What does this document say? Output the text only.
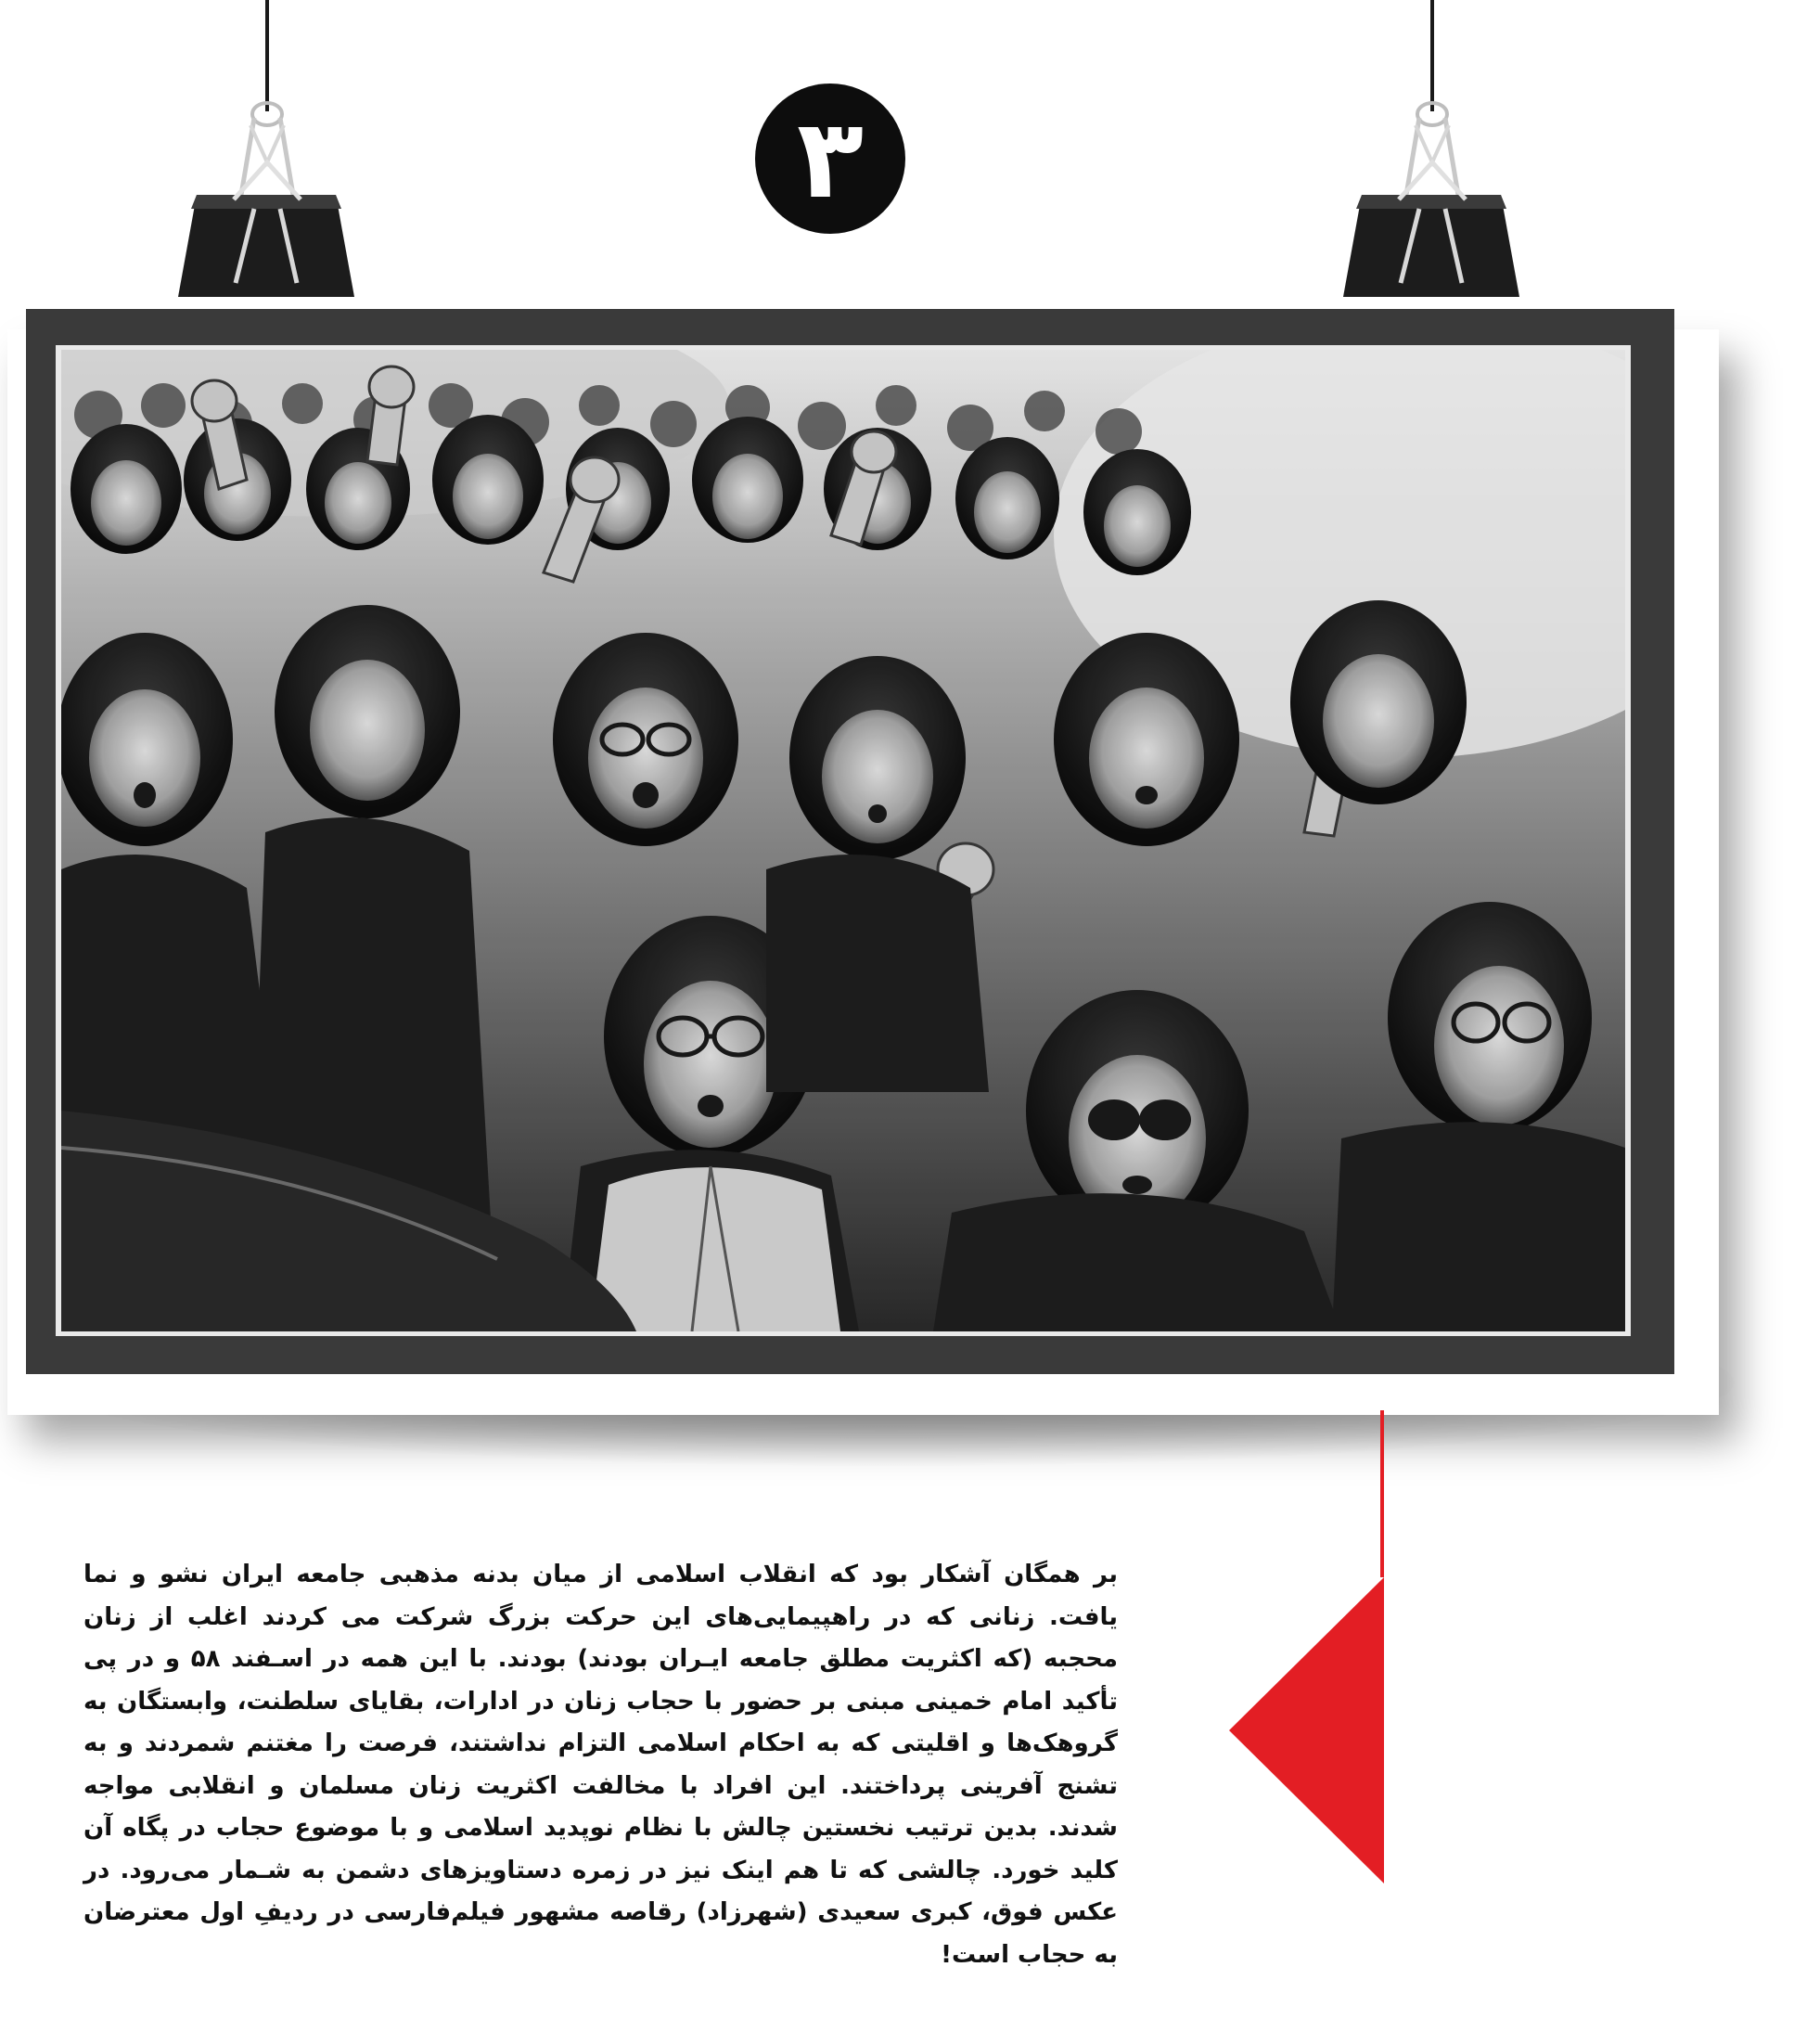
۳

بر همگان آشکار بود که انقلاب اسلامی از میان بدنه مذهبی جامعه ایران نشو و نما یافت. زنانی که در راهپیمایی‌های این حرکت بزرگ شرکت می کردند اغلب از زنان محجبه (که اکثریت مطلق جامعه ایـران بودند) بودند. با این همه در اسـفند ۵۸ و در پی تأکید امام خمینی مبنی بر حضور با حجاب زنان در ادارات، بقایای سلطنت، وابستگان به گروهک‌ها و اقلیتی که به احکام اسلامی التزام نداشتند، فرصت را مغتنم شمردند و به تشنج آفرینی پرداختند. این افراد با مخالفت اکثریت زنان مسلمان و انقلابی مواجه شدند. بدین ترتیب نخستین چالش با نظام نوپدید اسلامی و با موضوع حجاب در پگاه آن کلید خورد. چالشی که تا هم اینک نیز در زمره دستاویزهای دشمن به شـمار می‌رود. در عکس فوق، کبری سعیدی (شهرزاد) رقاصه مشهور فیلم‌فارسی در ردیفِ اول معترضان به حجاب است!
